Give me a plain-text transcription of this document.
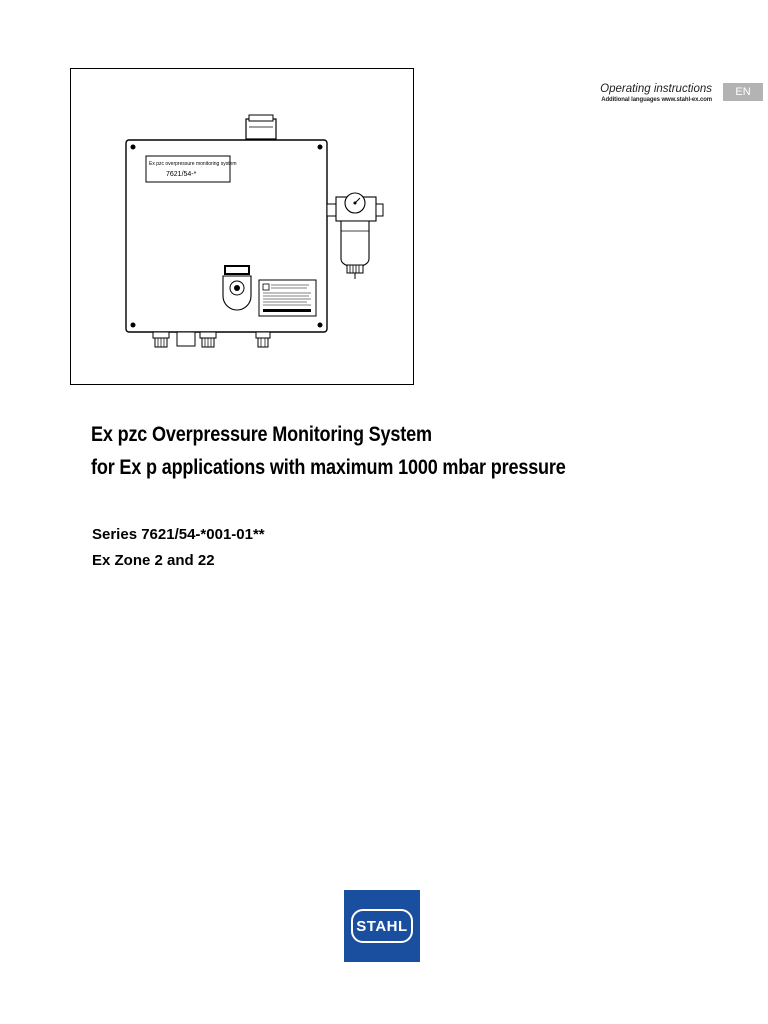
Ex pzc overpressure monitoring system
7621/54-*
Operating instructions
Additional languages www.stahl-ex.com
EN
Ex pzc Overpressure Monitoring System
for Ex p applications with maximum 1000 mbar pressure
Series 7621/54-*001-01**
Ex Zone 2 and 22
STAHL
